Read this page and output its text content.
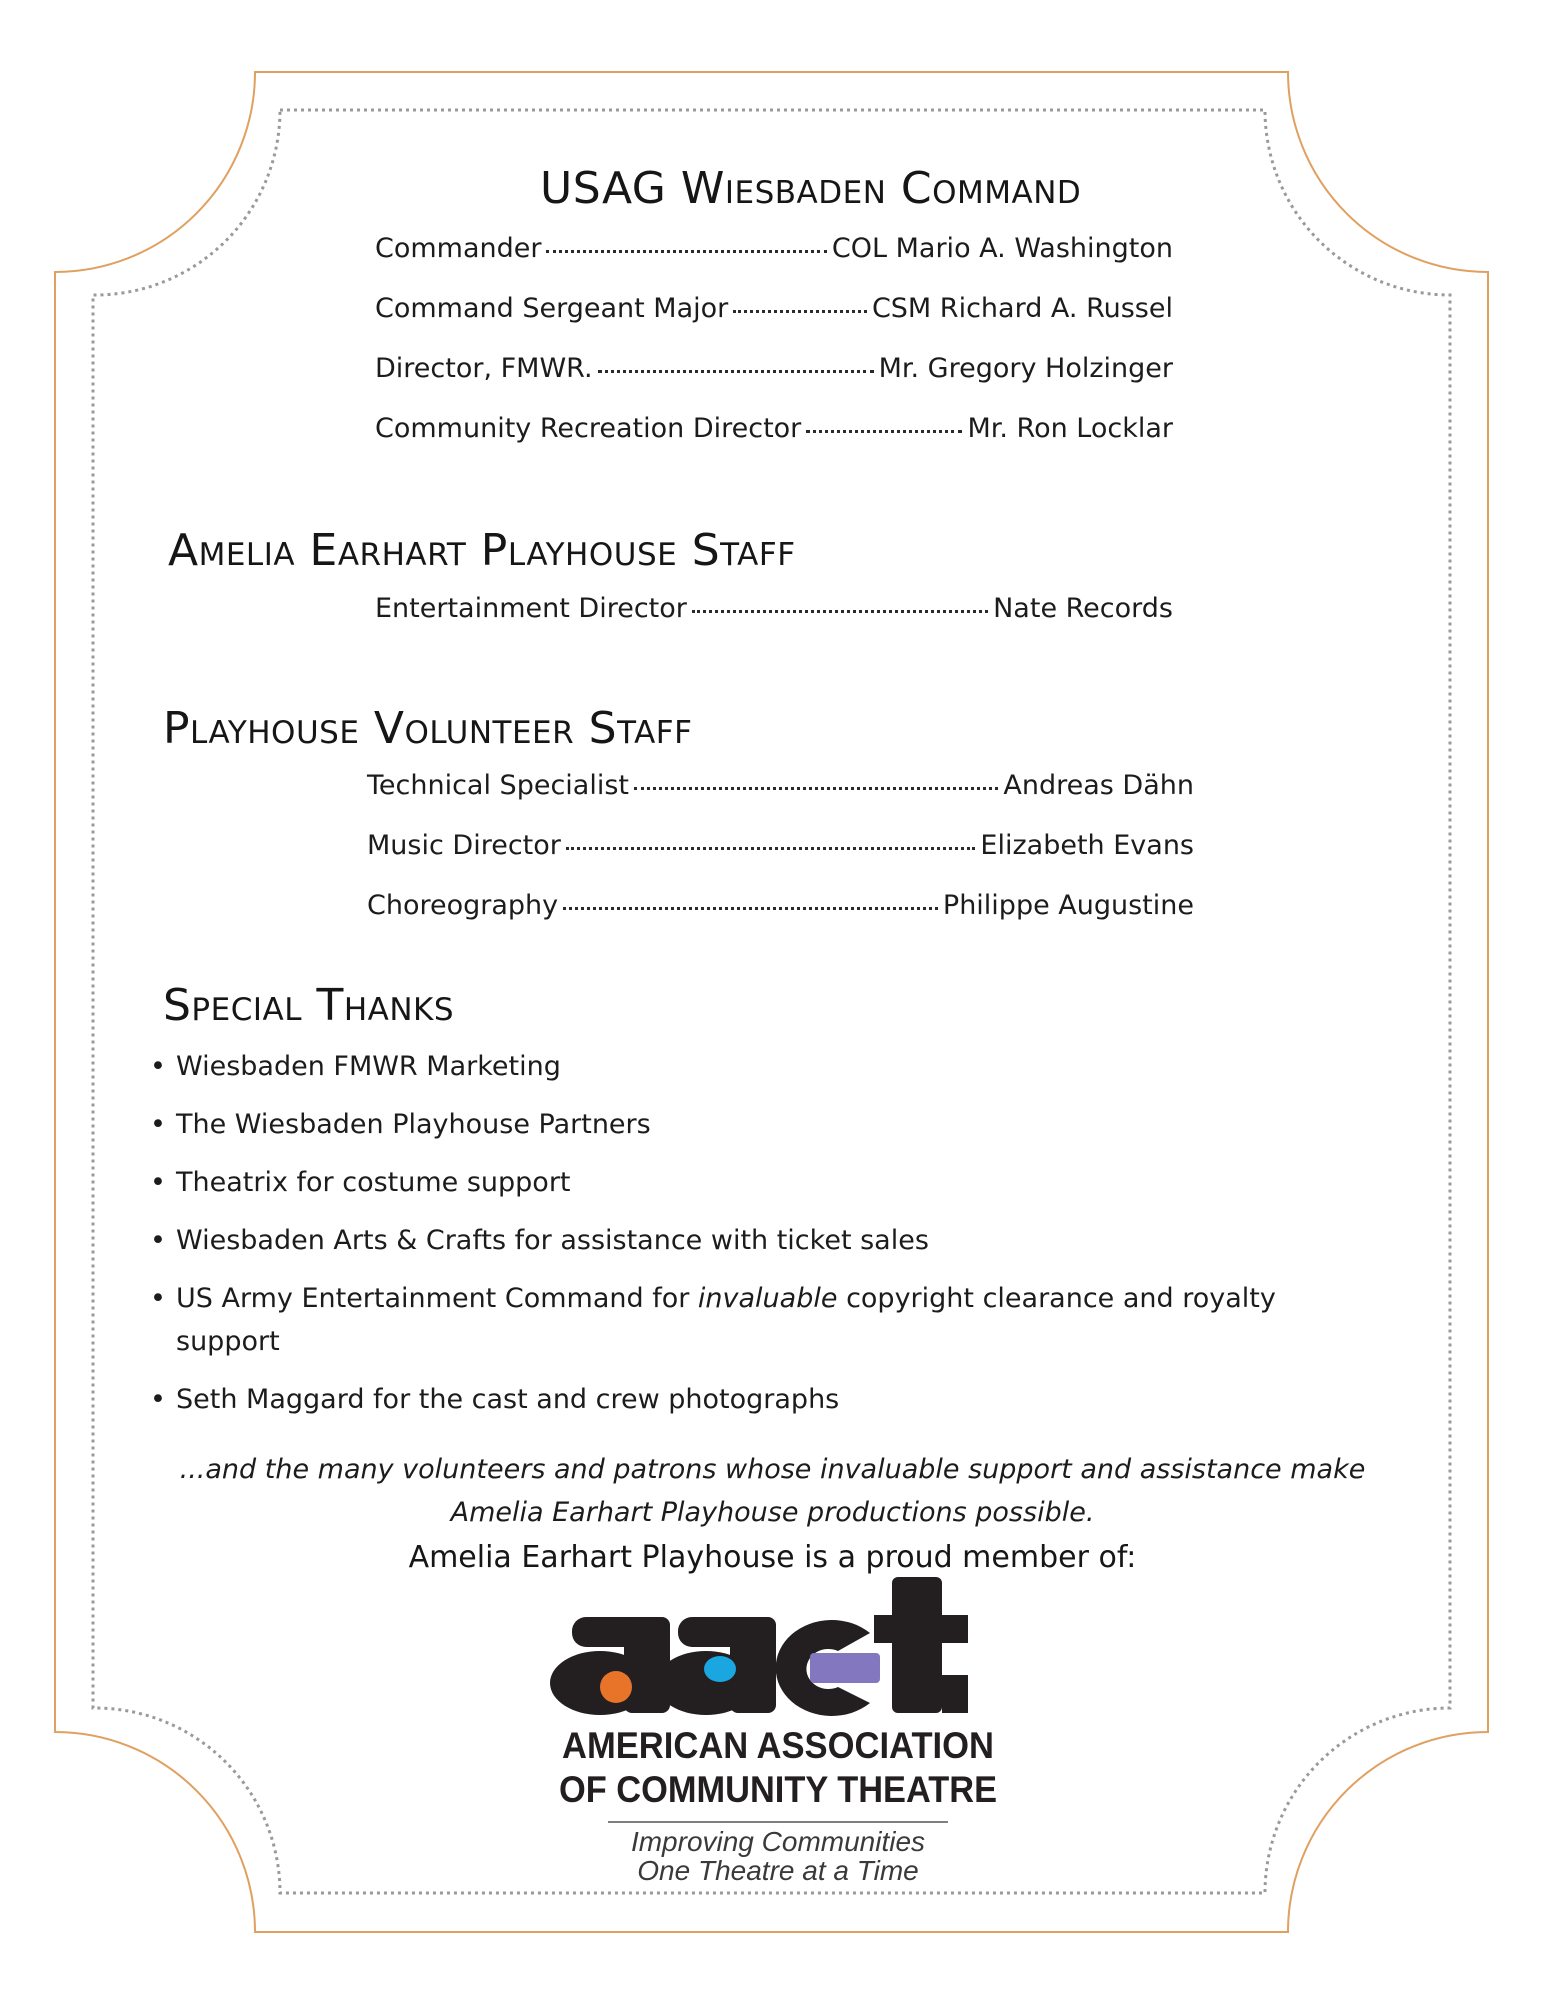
USAG Wiesbaden Command
Commander	COL Mario A. Washington
Command Sergeant Major	CSM Richard A. Russel
Director, FMWR.	Mr. Gregory Holzinger
Community Recreation Director	Mr. Ron Locklar
Amelia Earhart Playhouse Staff
Entertainment Director	Nate Records
Playhouse Volunteer Staff
Technical Specialist	Andreas Dähn
Music Director	Elizabeth Evans
Choreography	Philippe Augustine
Special Thanks
• Wiesbaden FMWR Marketing
• The Wiesbaden Playhouse Partners
• Theatrix for costume support
• Wiesbaden Arts & Crafts for assistance with ticket sales
• US Army Entertainment Command for invaluable copyright clearance and royalty support
• Seth Maggard for the cast and crew photographs
...and the many volunteers and patrons whose invaluable support and assistance make Amelia Earhart Playhouse productions possible.
Amelia Earhart Playhouse is a proud member of:
AMERICAN ASSOCIATION
OF COMMUNITY THEATRE
Improving Communities
One Theatre at a Time
